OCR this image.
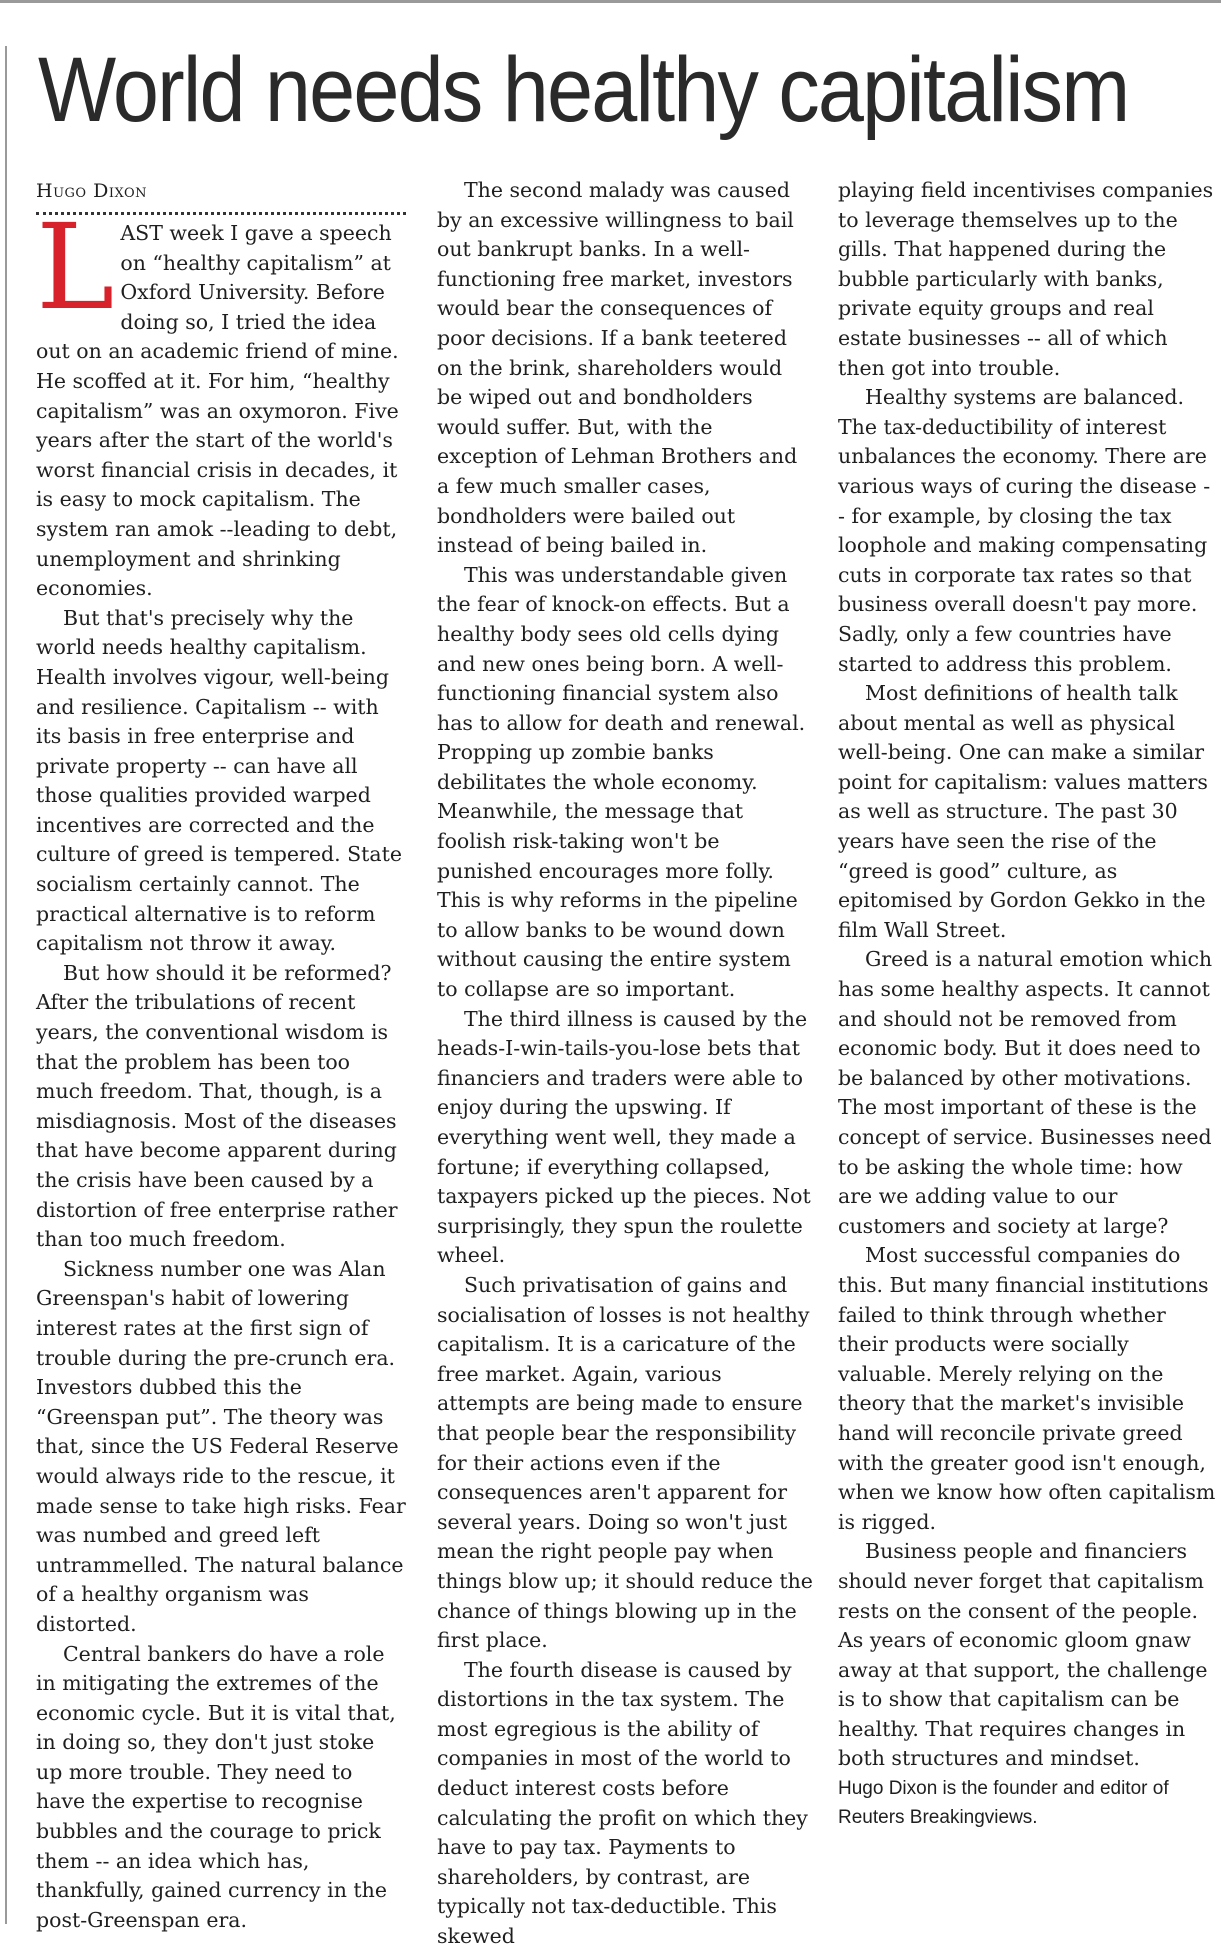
World needs healthy capitalism
Hugo Dixon

LAST week I gave a speech on “healthy capitalism” at Oxford University. Before doing so, I tried the idea out on an academic friend of mine. He scoffed at it. For him, “healthy capitalism” was an oxymoron. Five years after the start of the world's worst financial crisis in decades, it is easy to mock capitalism. The system ran amok --leading to debt, unemployment and shrinking economies.

But that's precisely why the world needs healthy capitalism. Health involves vigour, well-being and resilience. Capitalism -- with its basis in free enterprise and private property -- can have all those qualities provided warped incentives are corrected and the culture of greed is tempered. State socialism certainly cannot. The practical alternative is to reform capitalism not throw it away.

But how should it be reformed? After the tribulations of recent years, the conventional wisdom is that the problem has been too much freedom. That, though, is a misdiagnosis. Most of the diseases that have become apparent during the crisis have been caused by a distortion of free enterprise rather than too much freedom.

Sickness number one was Alan Greenspan's habit of lowering interest rates at the first sign of trouble during the pre-crunch era. Investors dubbed this the “Greenspan put”. The theory was that, since the US Federal Reserve would always ride to the rescue, it made sense to take high risks. Fear was numbed and greed left untrammelled. The natural balance of a healthy organism was distorted.

Central bankers do have a role in mitigating the extremes of the economic cycle. But it is vital that, in doing so, they don't just stoke up more trouble. They need to have the expertise to recognise bubbles and the courage to prick them -- an idea which has, thankfully, gained currency in the post-Greenspan era.

The second malady was caused by an excessive willingness to bail out bankrupt banks. In a well-functioning free market, investors would bear the consequences of poor decisions. If a bank teetered on the brink, shareholders would be wiped out and bondholders would suffer. But, with the exception of Lehman Brothers and a few much smaller cases, bondholders were bailed out instead of being bailed in.

This was understandable given the fear of knock-on effects. But a healthy body sees old cells dying and new ones being born. A well-functioning financial system also has to allow for death and renewal. Propping up zombie banks debilitates the whole economy. Meanwhile, the message that foolish risk-taking won't be punished encourages more folly. This is why reforms in the pipeline to allow banks to be wound down without causing the entire system to collapse are so important.

The third illness is caused by the heads-I-win-tails-you-lose bets that financiers and traders were able to enjoy during the upswing. If everything went well, they made a fortune; if everything collapsed, taxpayers picked up the pieces. Not surprisingly, they spun the roulette wheel.

Such privatisation of gains and socialisation of losses is not healthy capitalism. It is a caricature of the free market. Again, various attempts are being made to ensure that people bear the responsibility for their actions even if the consequences aren't apparent for several years. Doing so won't just mean the right people pay when things blow up; it should reduce the chance of things blowing up in the first place.

The fourth disease is caused by distortions in the tax system. The most egregious is the ability of companies in most of the world to deduct interest costs before calculating the profit on which they have to pay tax. Payments to shareholders, by contrast, are typically not tax-deductible. This skewed

playing field incentivises companies to leverage themselves up to the gills. That happened during the bubble particularly with banks, private equity groups and real estate businesses -- all of which then got into trouble.

Healthy systems are balanced. The tax-deductibility of interest unbalances the economy. There are various ways of curing the disease -- for example, by closing the tax loophole and making compensating cuts in corporate tax rates so that business overall doesn't pay more. Sadly, only a few countries have started to address this problem.

Most definitions of health talk about mental as well as physical well-being. One can make a similar point for capitalism: values matters as well as structure. The past 30 years have seen the rise of the “greed is good” culture, as epitomised by Gordon Gekko in the film Wall Street.

Greed is a natural emotion which has some healthy aspects. It cannot and should not be removed from economic body. But it does need to be balanced by other motivations. The most important of these is the concept of service. Businesses need to be asking the whole time: how are we adding value to our customers and society at large?

Most successful companies do this. But many financial institutions failed to think through whether their products were socially valuable. Merely relying on the theory that the market's invisible hand will reconcile private greed with the greater good isn't enough, when we know how often capitalism is rigged.

Business people and financiers should never forget that capitalism rests on the consent of the people. As years of economic gloom gnaw away at that support, the challenge is to show that capitalism can be healthy. That requires changes in both structures and mindset.

Hugo Dixon is the founder and editor of Reuters Breakingviews.
